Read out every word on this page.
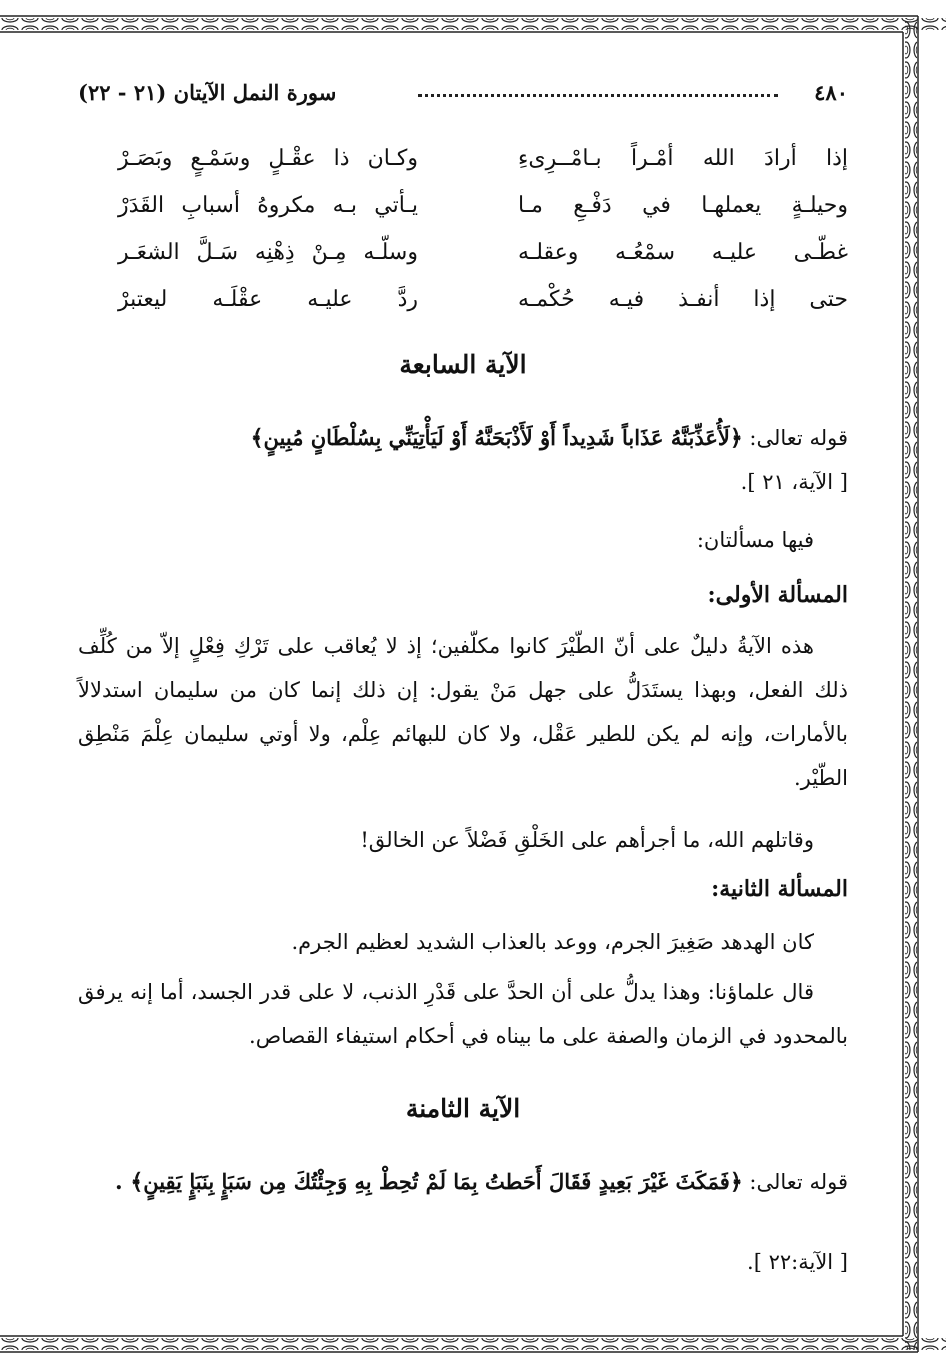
٤٨٠
سورة النمل الآيتان (٢١ - ٢٢)
إذا أرادَ الله أمْـراً بـامْــرِىءِ
وكـان ذا عقْـلٍ وسَمْـعٍ وبَصَـرْ
وحيلـةٍ يعملهـا في دَفْـعِ مـا
يـأتي بـه مكروهُ أسبابِ القَدَرْ
غطّـى عليـه سمْعُـه وعقلـه
وسلّـه مِـنْ ذِهْنِه سَـلَّ الشعَـر
حتى إذا أنفـذ فيـه حُكْمـه
ردَّ عليـه عقْلَـه ليعتبرْ
الآية السابعة
قوله تعالى: ﴿لَأُعَذِّبَنَّهُ عَذَاباً شَدِيداً أَوْ لَأَذْبَحَنَّهُ أَوْ لَيَأْتِيَنِّي بِسُلْطَانٍ مُبِينٍ﴾
[ الآية، ٢١ ].
فيها مسألتان:
المسألة الأولى:
هذه الآيةُ دليلٌ على أنّ الطّيْرَ كانوا مكلّفين؛ إذ لا يُعاقب على تَرْكِ فِعْلٍ إلاّ من كُلِّف ذلك الفعل، وبهذا يستَدَلُّ على جهل مَنْ يقول: إن ذلك إنما كان من سليمان استدلالاً بالأمارات، وإنه لم يكن للطير عَقْل، ولا كان للبهائم عِلْم، ولا أوتي سليمان عِلْمَ مَنْطِق الطّيْر.
وقاتلهم الله، ما أجرأهم على الخَلْقِ فَضْلاً عن الخالق!
المسألة الثانية:
كان الهدهد صَغِيرَ الجرم، ووعد بالعذاب الشديد لعظيم الجرم.
قال علماؤنا: وهذا يدلُّ على أن الحدَّ على قَدْرِ الذنب، لا على قدر الجسد، أما إنه يرفق بالمحدود في الزمان والصفة على ما بيناه في أحكام استيفاء القصاص.
الآية الثامنة
قوله تعالى: ﴿فَمَكَثَ غَيْرَ بَعِيدٍ فَقَالَ أَحَطتُ بِمَا لَمْ تُحِطْ بِهِ وَجِئْتُكَ مِن سَبَإٍ بِنَبَإٍ يَقِينٍ﴾ .
[ الآية:٢٢ ].
